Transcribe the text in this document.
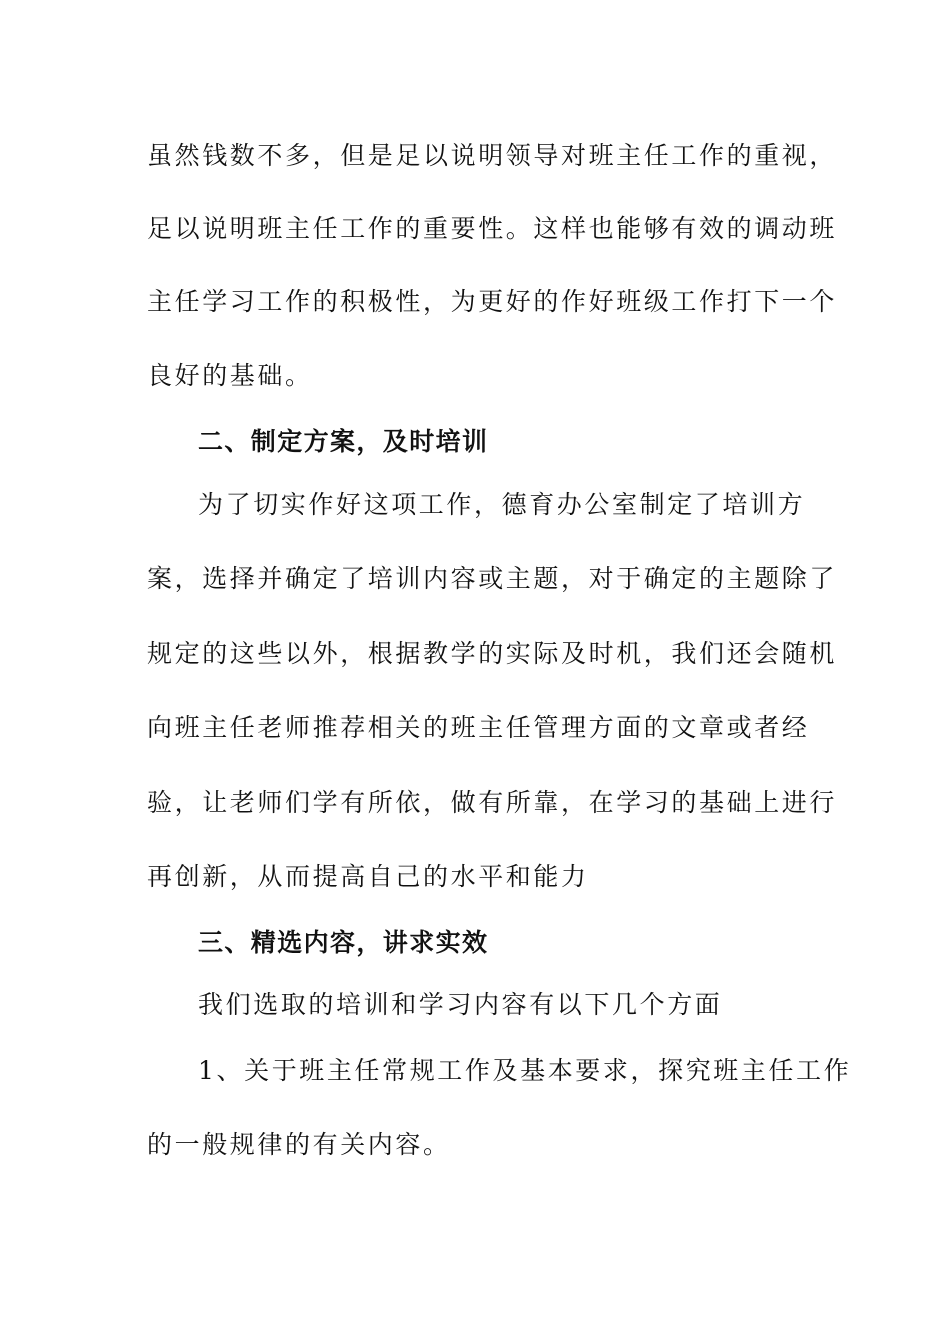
虽然钱数不多，但是足以说明领导对班主任工作的重视，

足以说明班主任工作的重要性。这样也能够有效的调动班

主任学习工作的积极性，为更好的作好班级工作打下一个

良好的基础。

二、制定方案，及时培训

为了切实作好这项工作，德育办公室制定了培训方

案，选择并确定了培训内容或主题，对于确定的主题除了

规定的这些以外，根据教学的实际及时机，我们还会随机

向班主任老师推荐相关的班主任管理方面的文章或者经

验，让老师们学有所依，做有所靠，在学习的基础上进行

再创新，从而提高自己的水平和能力

三、精选内容，讲求实效

我们选取的培训和学习内容有以下几个方面

1、关于班主任常规工作及基本要求，探究班主任工作

的一般规律的有关内容。
